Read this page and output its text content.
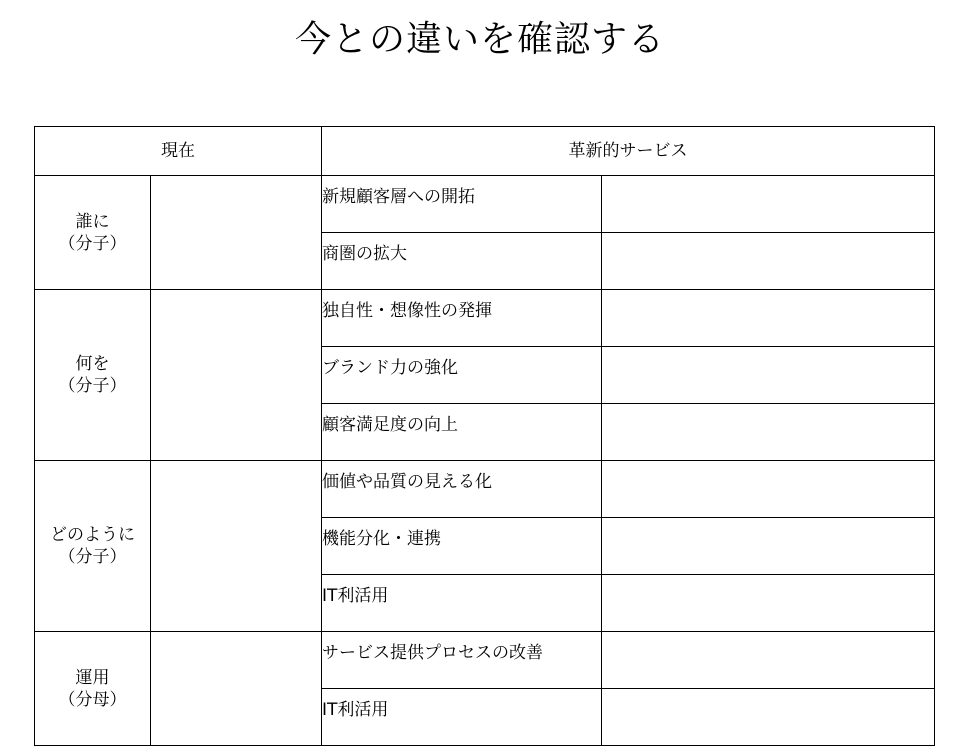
今との違いを確認する
現在		革新的サービス	

誰に
（分子）		新規顧客層への開拓	
		商圏の拡大	

何を
（分子）		独自性・想像性の発揮	
		ブランド力の強化	
		顧客満足度の向上	

どのように
（分子）		価値や品質の見える化	
		機能分化・連携	
		IT利活用	

運用
（分母）		サービス提供プロセスの改善	
		IT利活用	
